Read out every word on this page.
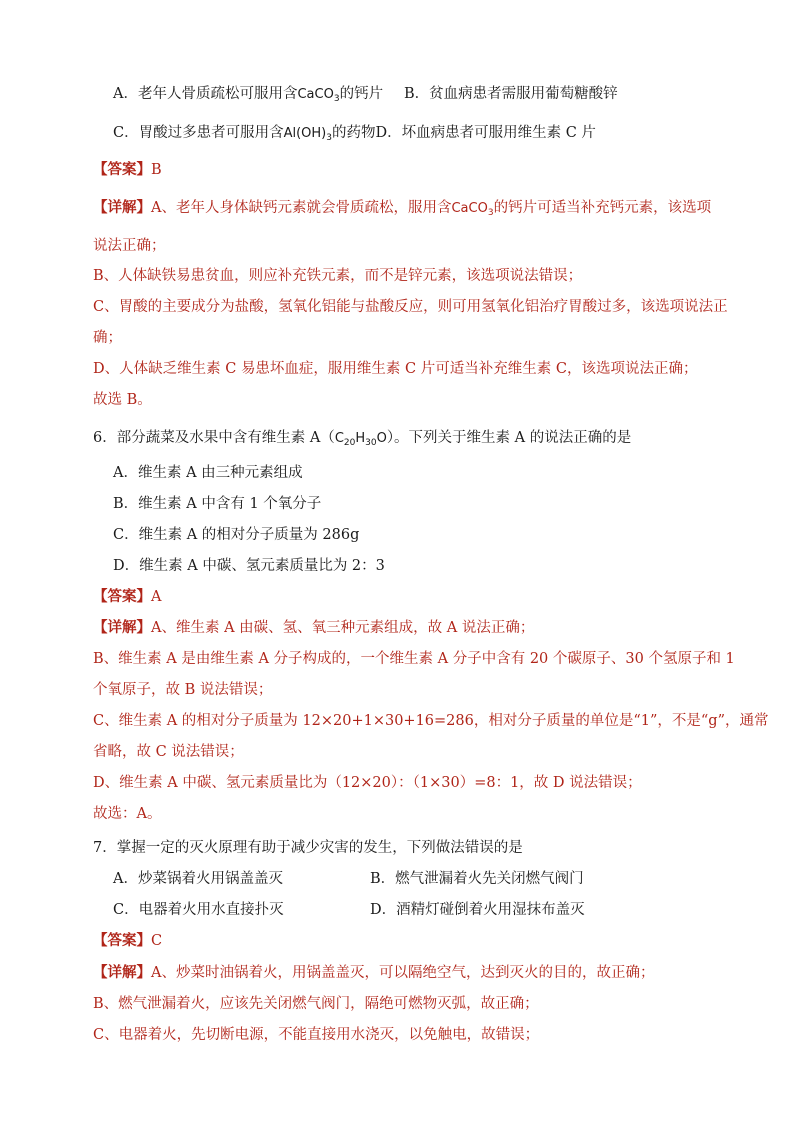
A．老年人骨质疏松可服用含CaCO$_3$的钙片 B．贫血病患者需服用葡萄糖酸锌
C．胃酸过多患者可服用含$Al(OH)_3$的药物D．坏血病患者可服用维生素 C 片
【答案】B
【详解】A、老年人身体缺钙元素就会骨质疏松，服用含CaCO$_3$的钙片可适当补充钙元素，该选项
说法正确；
B、人体缺铁易患贫血，则应补充铁元素，而不是锌元素，该选项说法错误；
C、胃酸的主要成分为盐酸，氢氧化铝能与盐酸反应，则可用氢氧化铝治疗胃酸过多，该选项说法正
确；
D、人体缺乏维生素 C 易患坏血症，服用维生素 C 片可适当补充维生素 C，该选项说法正确；
故选 B。
6．部分蔬菜及水果中含有维生素 $A(C_{20}H_{30}O)$。下列关于维生素 A 的说法正确的是
A．维生素 A 由三种元素组成
B．维生素 A 中含有 1 个氧分子
C．维生素 A 的相对分子质量为 286g
D．维生素 A 中碳、氢元素质量比为 2：3
【答案】A
【详解】A、维生素 A 由碳、氢、氧三种元素组成，故 A 说法正确；
B、维生素 A 是由维生素 A 分子构成的，一个维生素 A 分子中含有 20 个碳原子、30 个氢原子和 1
个氧原子，故 B 说法错误；
C、维生素 A 的相对分子质量为 12×20+1×30+16=286，相对分子质量的单位是“1”，不是“g”，通常
省略，故 C 说法错误；
D、维生素 A 中碳、氢元素质量比为（12×20）：（1×30）=8：1，故 D 说法错误；
故选：A。
7．掌握一定的灭火原理有助于减少灾害的发生，下列做法错误的是
A．炒菜锅着火用锅盖盖灭	B．燃气泄漏着火先关闭燃气阀门
C．电器着火用水直接扑灭	D．酒精灯碰倒着火用湿抹布盖灭
【答案】C
【详解】A、炒菜时油锅着火，用锅盖盖灭，可以隔绝空气，达到灭火的目的，故正确；
B、燃气泄漏着火，应该先关闭燃气阀门，隔绝可燃物灭弧，故正确；
C、电器着火，先切断电源，不能直接用水浇灭，以免触电，故错误；
